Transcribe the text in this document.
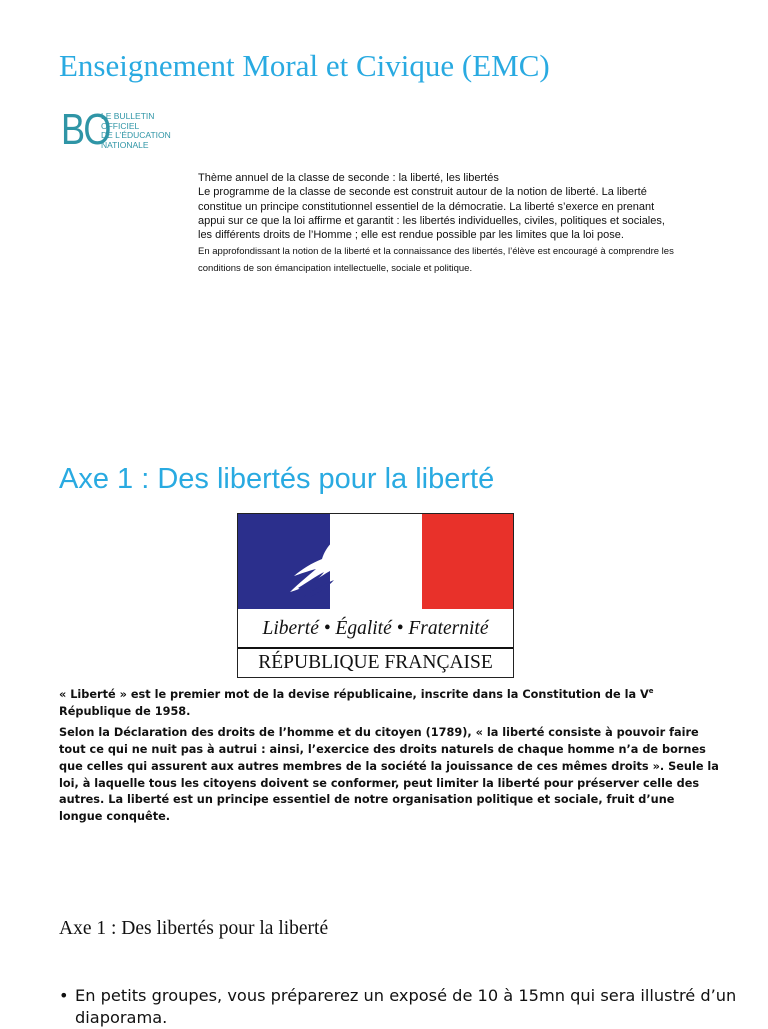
Enseignement Moral et Civique (EMC)
BO
LE BULLETIN
OFFICIEL
DE L’ÉDUCATION
NATIONALE

Thème annuel de la classe de seconde : la liberté, les libertés

Le programme de la classe de seconde est construit autour de la notion de liberté. La liberté constitue un principe constitutionnel essentiel de la démocratie. La liberté s’exerce en prenant appui sur ce que la loi affirme et garantit : les libertés individuelles, civiles, politiques et sociales, les différents droits de l’Homme ; elle est rendue possible par les limites que la loi pose.

En approfondissant la notion de la liberté et la connaissance des libertés, l’élève est encouragé à comprendre les conditions de son émancipation intellectuelle, sociale et politique.

Axe 1 : Des libertés pour la liberté
Liberté • Égalité • Fraternité
RÉPUBLIQUE FRANÇAISE

« Liberté » est le premier mot de la devise républicaine, inscrite dans la Constitution de la Ve République de 1958.

Selon la Déclaration des droits de l’homme et du citoyen (1789), « la liberté consiste à pouvoir faire tout ce qui ne nuit pas à autrui : ainsi, l’exercice des droits naturels de chaque homme n’a de bornes que celles qui assurent aux autres membres de la société la jouissance de ces mêmes droits ». Seule la loi, à laquelle tous les citoyens doivent se conformer, peut limiter la liberté pour préserver celle des autres. La liberté est un principe essentiel de notre organisation politique et sociale, fruit d’une longue conquête.

Axe 1 : Des libertés pour la liberté
• En petits groupes, vous préparerez un exposé de 10 à 15mn qui sera illustré d’un diaporama.
